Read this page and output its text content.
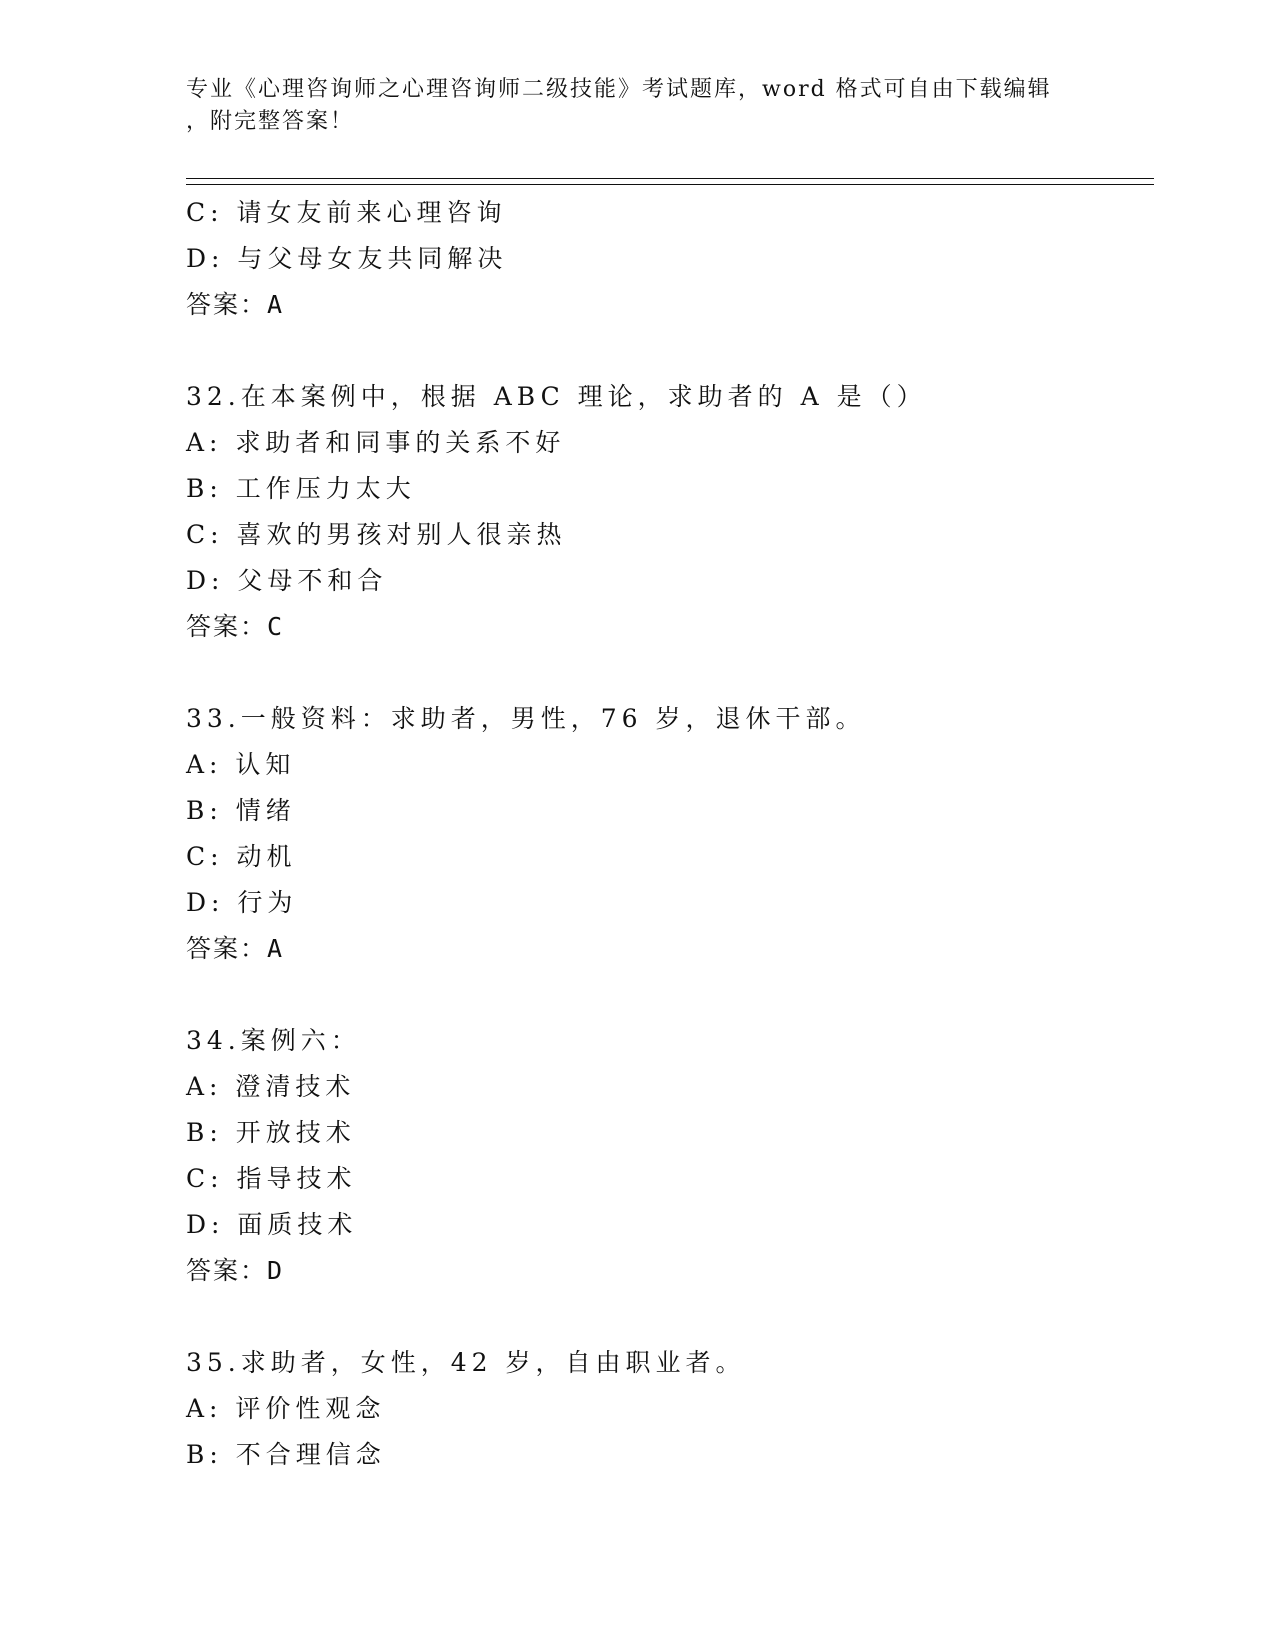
专业《心理咨询师之心理咨询师二级技能》考试题库，word 格式可自由下载编辑
，附完整答案！
C: 请女友前来心理咨询
D: 与父母女友共同解决
答案：A
32.在本案例中，根据 ABC 理论，求助者的 A 是（）
A: 求助者和同事的关系不好
B: 工作压力太大
C: 喜欢的男孩对别人很亲热
D: 父母不和合
答案：C
33.一般资料：求助者，男性，76 岁，退休干部。
A: 认知
B: 情绪
C: 动机
D: 行为
答案：A
34.案例六：
A: 澄清技术
B: 开放技术
C: 指导技术
D: 面质技术
答案：D
35.求助者，女性，42 岁，自由职业者。
A: 评价性观念
B: 不合理信念
